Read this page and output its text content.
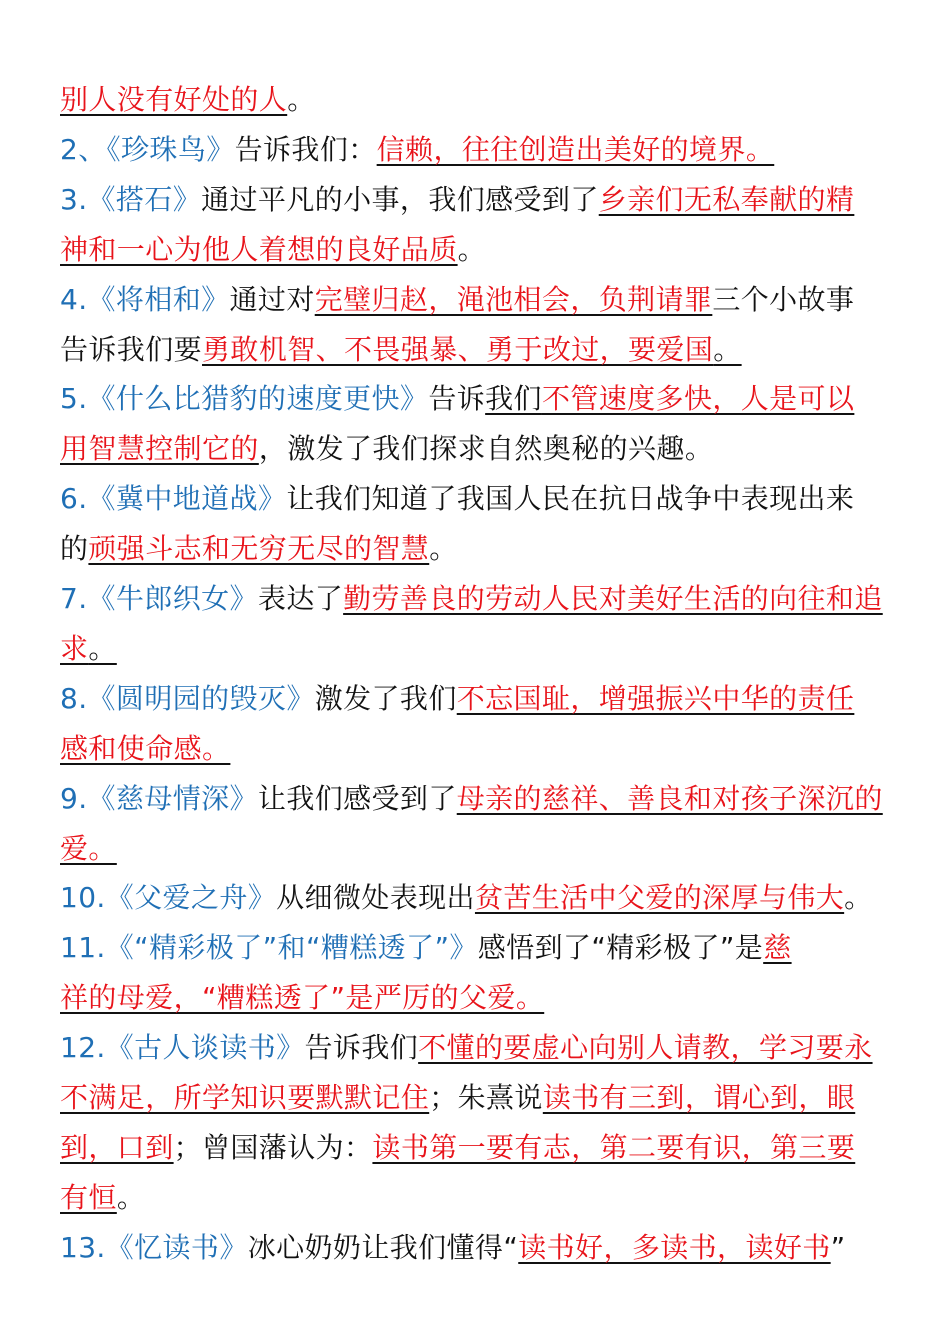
别人没有好处的人。
2、《珍珠鸟》告诉我们：信赖，往往创造出美好的境界。
3.《搭石》通过平凡的小事，我们感受到了乡亲们无私奉献的精
神和一心为他人着想的良好品质。
4.《将相和》通过对完璧归赵，渑池相会，负荆请罪三个小故事
告诉我们要勇敢机智、不畏强暴、勇于改过，要爱国。
5.《什么比猎豹的速度更快》告诉我们不管速度多快，人是可以
用智慧控制它的，激发了我们探求自然奥秘的兴趣。
6.《冀中地道战》让我们知道了我国人民在抗日战争中表现出来
的顽强斗志和无穷无尽的智慧。
7.《牛郎织女》表达了勤劳善良的劳动人民对美好生活的向往和追
求。
8.《圆明园的毁灭》激发了我们不忘国耻，增强振兴中华的责任
感和使命感。
9.《慈母情深》让我们感受到了母亲的慈祥、善良和对孩子深沉的
爱。
10.《父爱之舟》从细微处表现出贫苦生活中父爱的深厚与伟大。
11.《“精彩极了”和“糟糕透了”》感悟到了“精彩极了”是慈
祥的母爱，“糟糕透了”是严厉的父爱。
12.《古人谈读书》告诉我们不懂的要虚心向别人请教，学习要永
不满足，所学知识要默默记住；朱熹说读书有三到，谓心到，眼
到，口到；曾国藩认为：读书第一要有志，第二要有识，第三要
有恒。
13.《忆读书》冰心奶奶让我们懂得“读书好，多读书，读好书”
